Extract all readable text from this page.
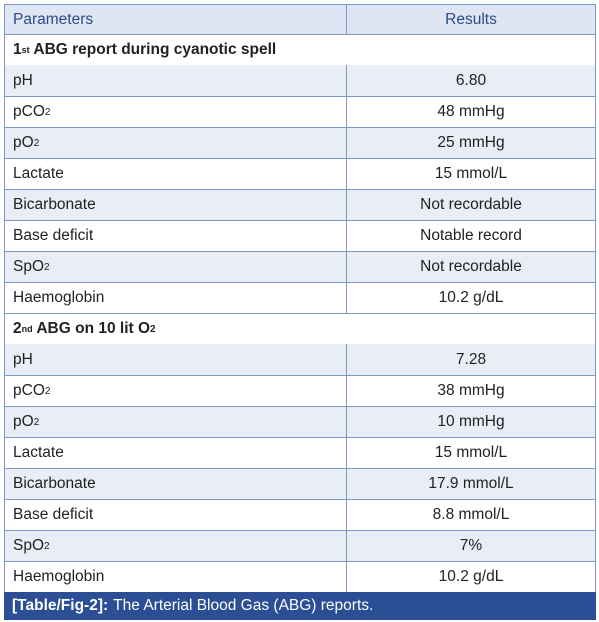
Parameters	Results
1 st ABG report during cyanotic spell
pH	6.80
pCO 2	48 mmHg
pO 2	25 mmHg
Lactate	15 mmol/L
Bicarbonate	Not recordable
Base deficit	Notable record
SpO 2	Not recordable
Haemoglobin	10.2 g/dL
2 nd ABG on 10 lit O 2
pH	7.28
pCO 2	38 mmHg
pO 2	10 mmHg
Lactate	15 mmol/L
Bicarbonate	17.9 mmol/L
Base deficit	8.8 mmol/L
SpO 2	7%
Haemoglobin	10.2 g/dL
[Table/Fig-2]: The Arterial Blood Gas (ABG) reports.
